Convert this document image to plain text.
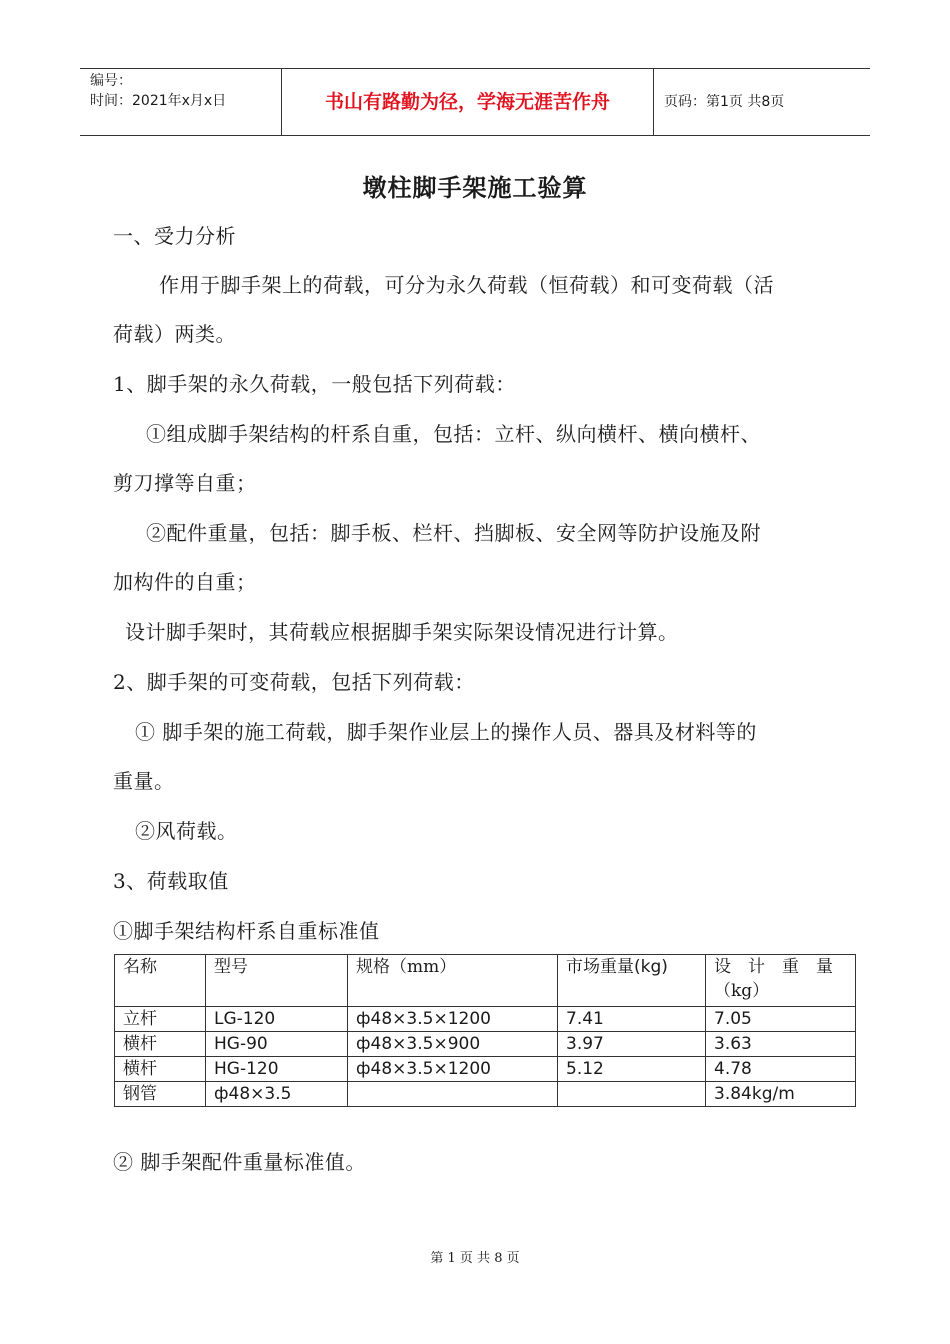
编号：
时间：2021年x月x日	书山有路勤为径，学海无涯苦作舟	页码：第1页 共8页
墩柱脚手架施工验算
一、受力分析
作用于脚手架上的荷载，可分为永久荷载（恒荷载）和可变荷载（活
荷载）两类。
1、脚手架的永久荷载，一般包括下列荷载：
①组成脚手架结构的杆系自重，包括：立杆、纵向横杆、横向横杆、
剪刀撑等自重；
②配件重量，包括：脚手板、栏杆、挡脚板、安全网等防护设施及附
加构件的自重；
设计脚手架时，其荷载应根据脚手架实际架设情况进行计算。
2、脚手架的可变荷载，包括下列荷载：
① 脚手架的施工荷载，脚手架作业层上的操作人员、器具及材料等的
重量。
②风荷载。
3、荷载取值
①脚手架结构杆系自重标准值
名称	型号	规格（mm）	市场重量(kg)	设　计　重　量（kg）
立杆	LG-120	ф48×3.5×1200	7.41	7.05
横杆	HG-90	ф48×3.5×900	3.97	3.63
横杆	HG-120	ф48×3.5×1200	5.12	4.78
钢管	ф48×3.5			3.84kg/m
② 脚手架配件重量标准值。
第 1 页 共 8 页
